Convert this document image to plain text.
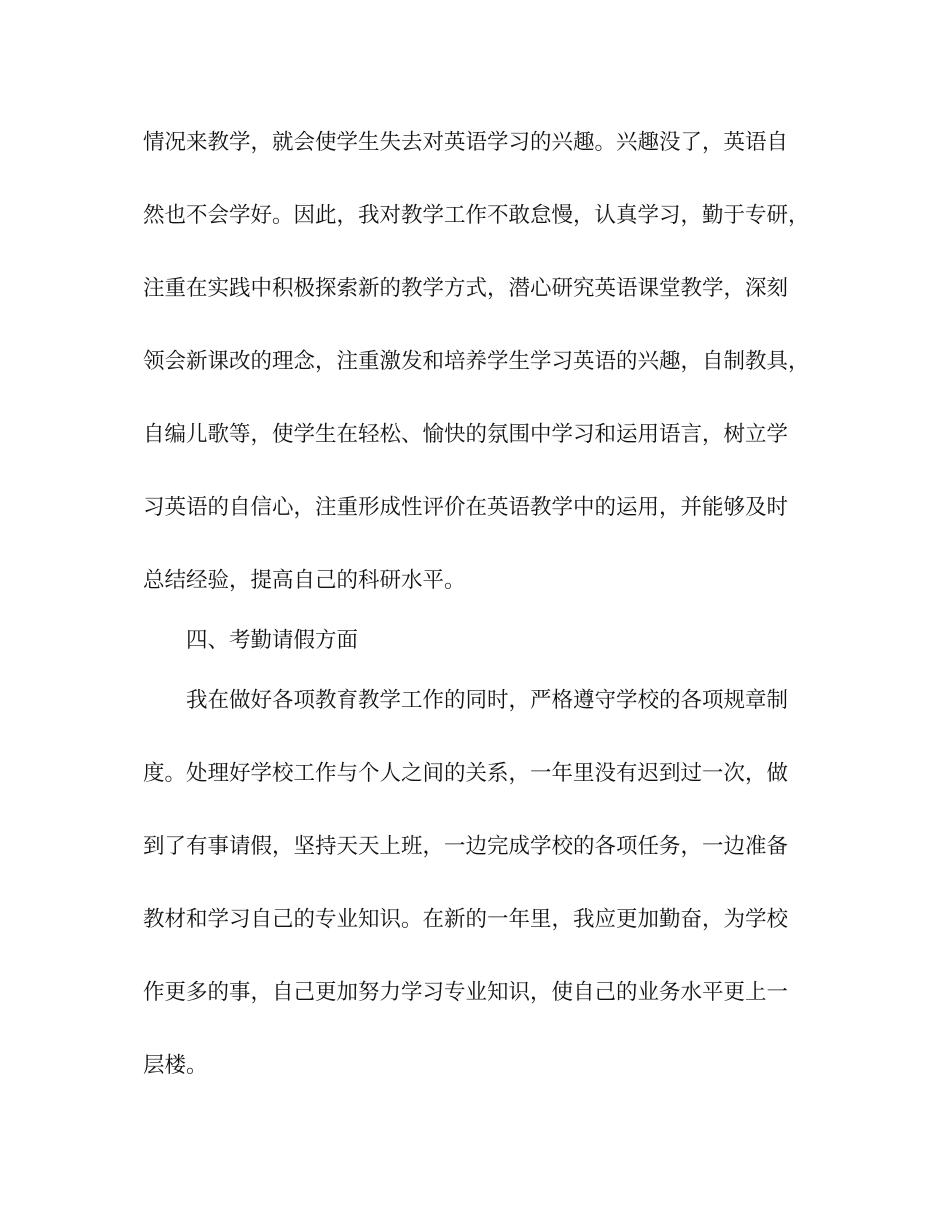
情况来教学，就会使学生失去对英语学习的兴趣。兴趣没了，英语自
然也不会学好。因此，我对教学工作不敢怠慢，认真学习，勤于专研，
注重在实践中积极探索新的教学方式，潜心研究英语课堂教学，深刻
领会新课改的理念，注重激发和培养学生学习英语的兴趣，自制教具，
自编儿歌等，使学生在轻松、愉快的氛围中学习和运用语言，树立学
习英语的自信心，注重形成性评价在英语教学中的运用，并能够及时
总结经验，提高自己的科研水平。
四、考勤请假方面
我在做好各项教育教学工作的同时，严格遵守学校的各项规章制
度。处理好学校工作与个人之间的关系，一年里没有迟到过一次，做
到了有事请假，坚持天天上班，一边完成学校的各项任务，一边准备
教材和学习自己的专业知识。在新的一年里，我应更加勤奋，为学校
作更多的事，自己更加努力学习专业知识，使自己的业务水平更上一
层楼。
